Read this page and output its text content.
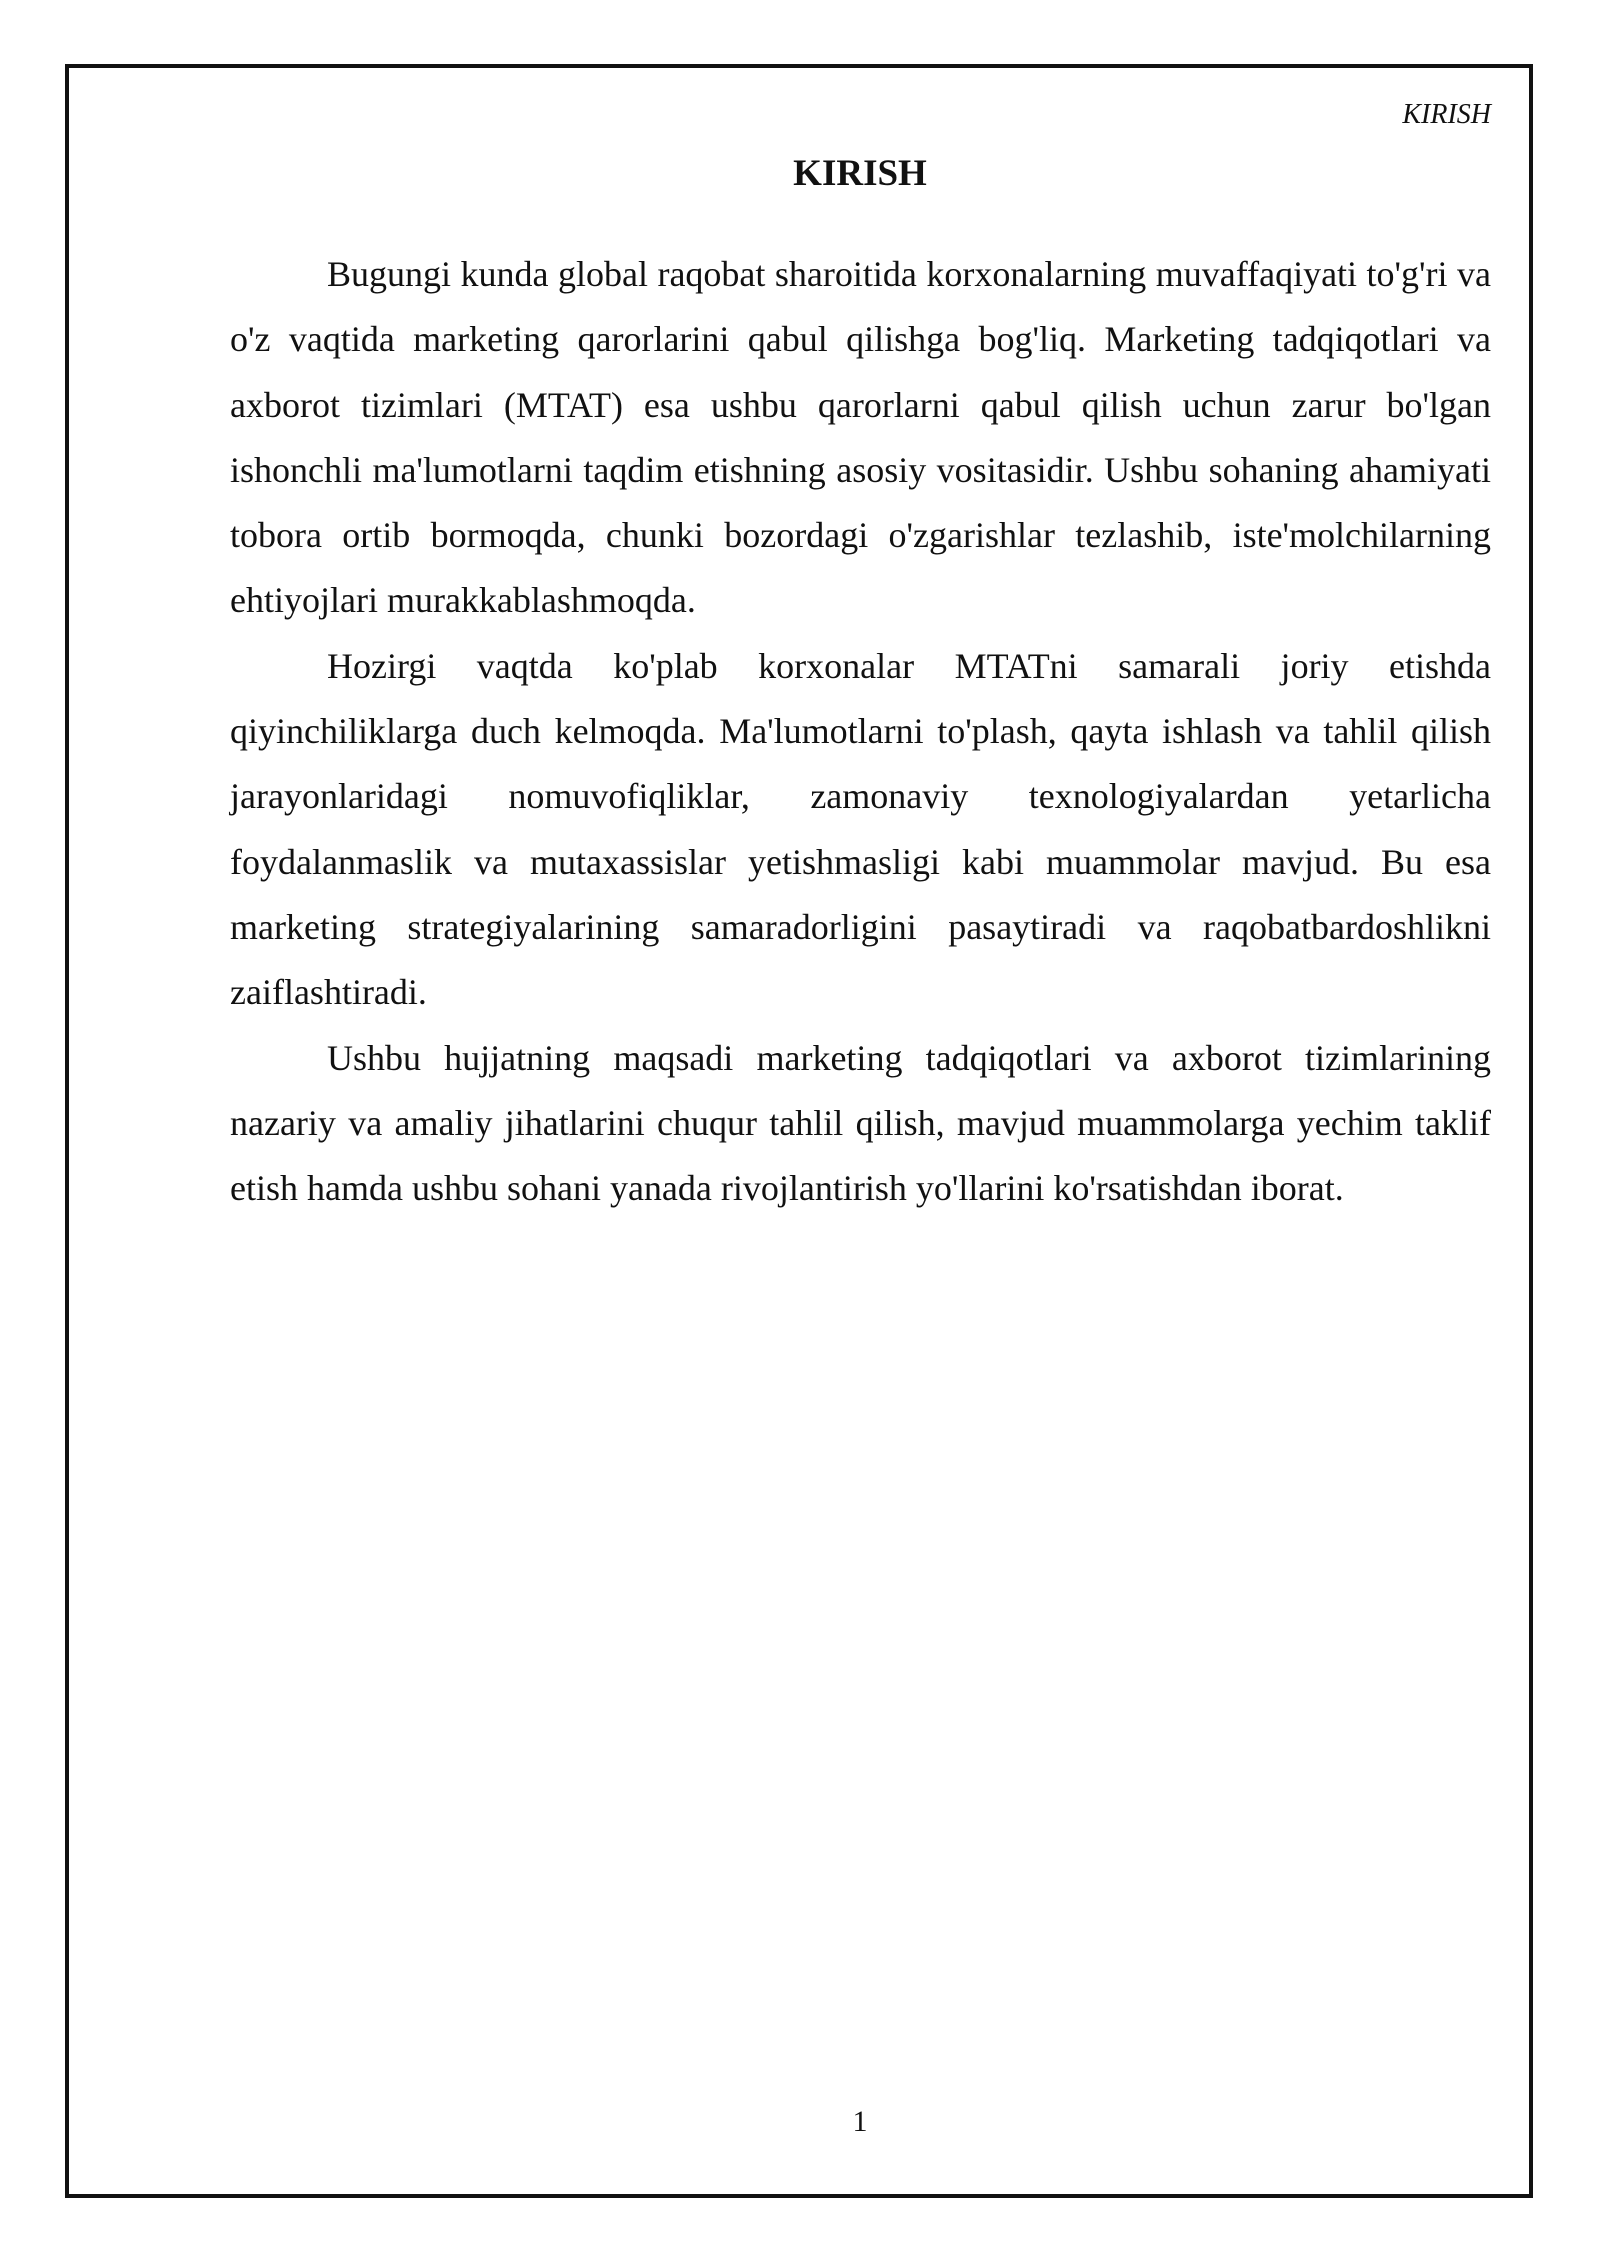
KIRISH
KIRISH

Bugungi kunda global raqobat sharoitida korxonalarning muvaffaqiyati to'g'ri va o'z vaqtida marketing qarorlarini qabul qilishga bog'liq. Marketing tadqiqotlari va axborot tizimlari (MTAT) esa ushbu qarorlarni qabul qilish uchun zarur bo'lgan ishonchli ma'lumotlarni taqdim etishning asosiy vositasidir. Ushbu sohaning ahamiyati tobora ortib bormoqda, chunki bozordagi o'zgarishlar tezlashib, iste'molchilarning ehtiyojlari murakkablashmoqda.

Hozirgi vaqtda ko'plab korxonalar MTATni samarali joriy etishda qiyinchiliklarga duch kelmoqda. Ma'lumotlarni to'plash, qayta ishlash va tahlil qilish jarayonlaridagi nomuvofiqliklar, zamonaviy texnologiyalardan yetarlicha foydalanmaslik va mutaxassislar yetishmasligi kabi muammolar mavjud. Bu esa marketing strategiyalarining samaradorligini pasaytiradi va raqobatbardoshlikni zaiflashtiradi.

Ushbu hujjatning maqsadi marketing tadqiqotlari va axborot tizimlarining nazariy va amaliy jihatlarini chuqur tahlil qilish, mavjud muammolarga yechim taklif etish hamda ushbu sohani yanada rivojlantirish yo'llarini ko'rsatishdan iborat.

1
